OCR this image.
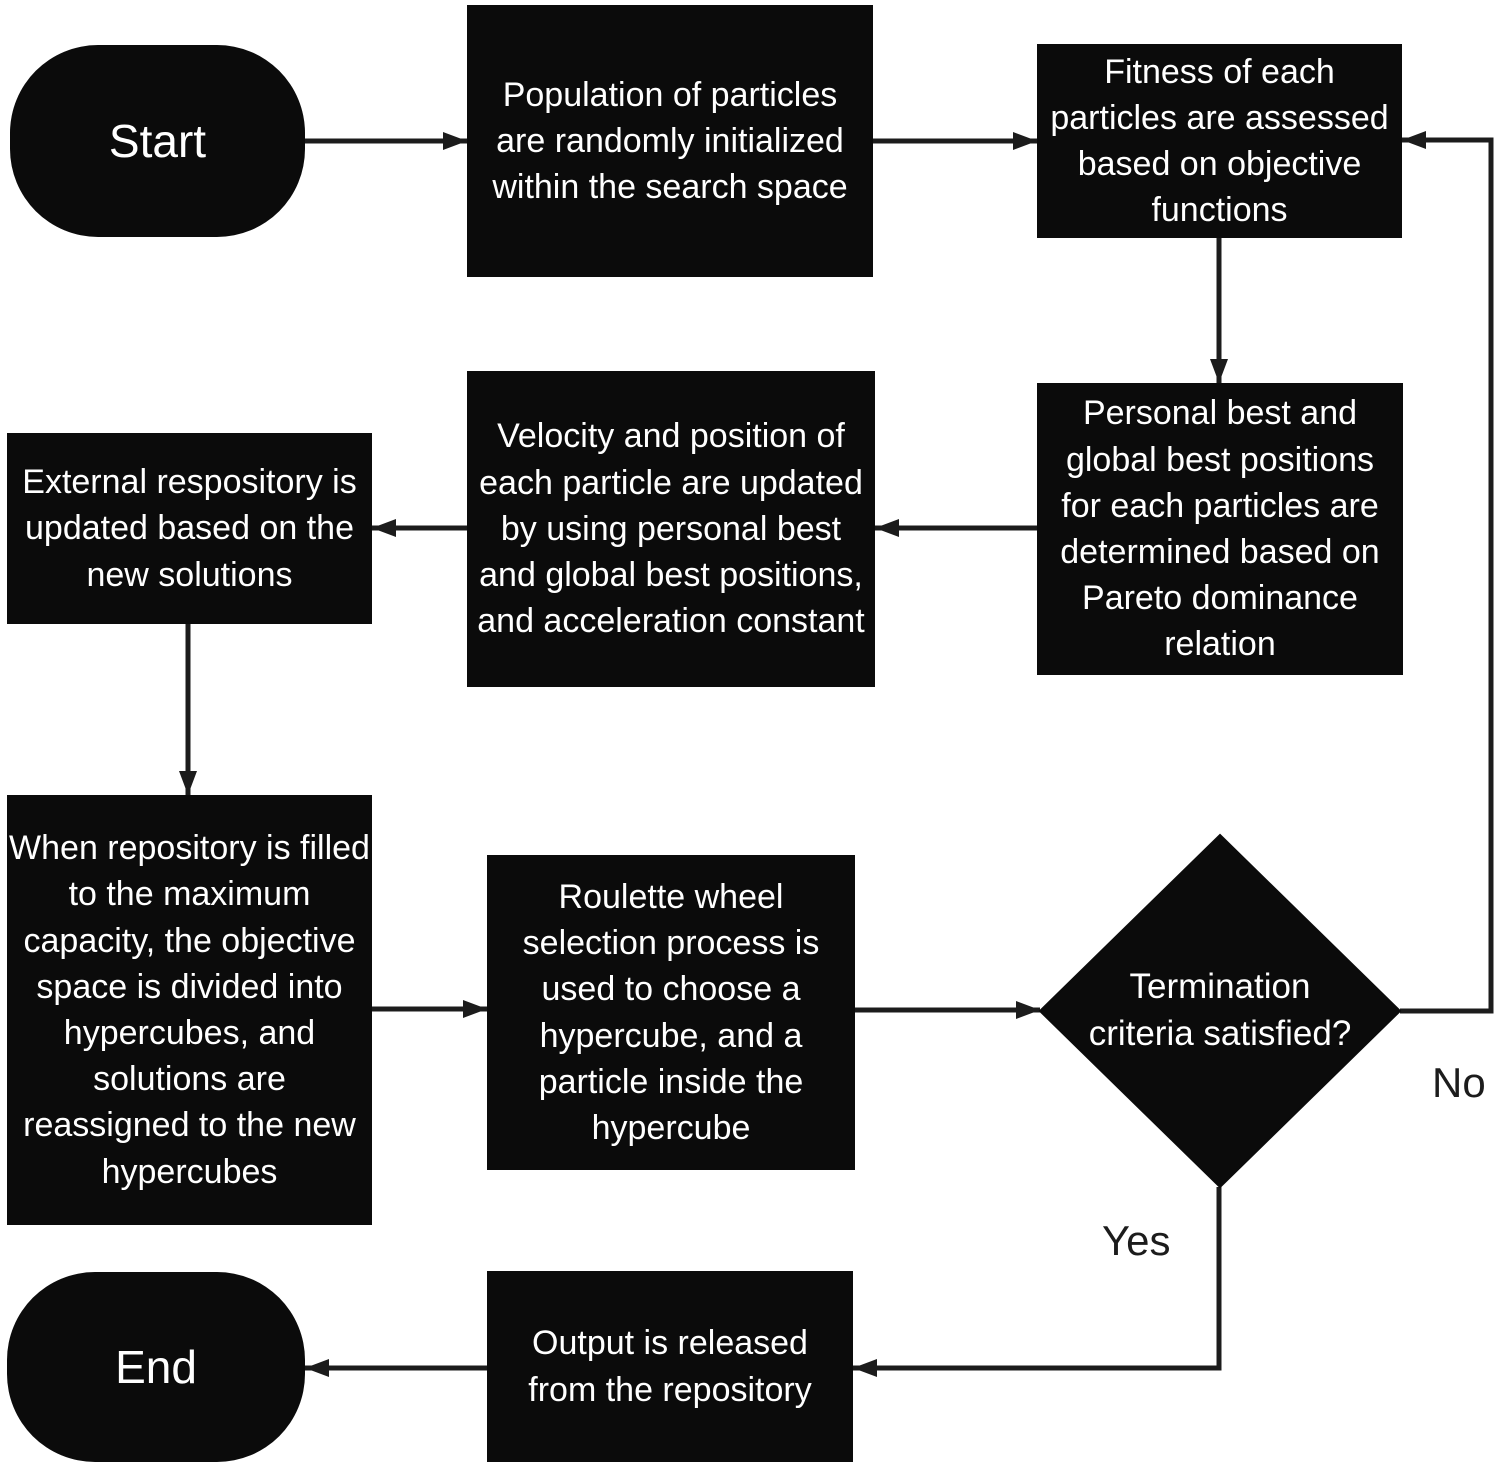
Start
Population of particles are randomly initialized within the search space
Fitness of each particles are assessed based on objective functions
Personal best and global best positions for each particles are determined based on Pareto dominance relation
Velocity and position of each particle are updated by using personal best and global best positions, and acceleration constant
External respository is updated based on the new solutions
When repository is filled to the maximum capacity, the objective space is divided into hypercubes, and solutions are reassigned to the new hypercubes
Roulette wheel selection process is used to choose a hypercube, and a particle inside the hypercube
Termination criteria satisfied?
Output is released from the repository
End
Yes
No
